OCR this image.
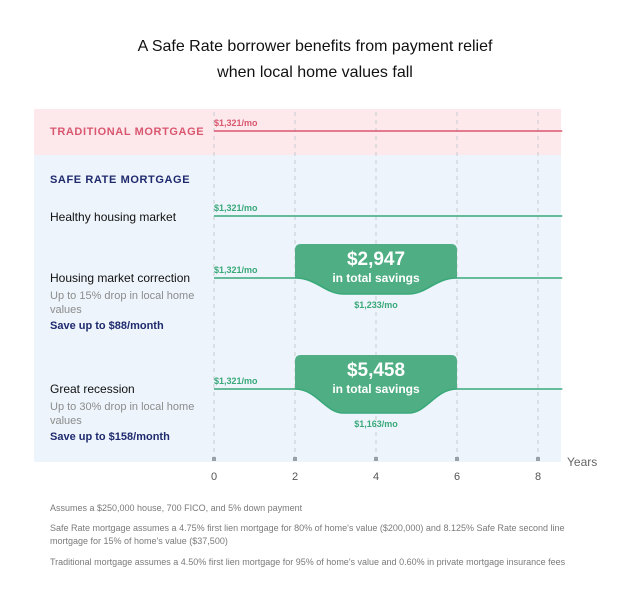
A Safe Rate borrower benefits from payment relief
when local home values fall
TRADITIONAL MORTGAGE
SAFE RATE MORTGAGE
Healthy housing market
Housing market correction
Up to 15% drop in local home values
Save up to $88/month
Great recession
Up to 30% drop in local home values
Save up to $158/month
0	2	4	6	8
Years
$1,321/mo
$1,321/mo
$1,321/mo	$2,947
in total savings
$1,233/mo
$1,321/mo	$5,458
in total savings
$1,163/mo
Assumes a $250,000 house, 700 FICO, and 5% down payment
Safe Rate mortgage assumes a 4.75% first lien mortgage for 80% of home's value ($200,000) and 8.125% Safe Rate second line mortgage for 15% of home's value ($37,500)
Traditional mortgage assumes a 4.50% first lien mortgage for 95% of home's value and 0.60% in private mortgage insurance fees
